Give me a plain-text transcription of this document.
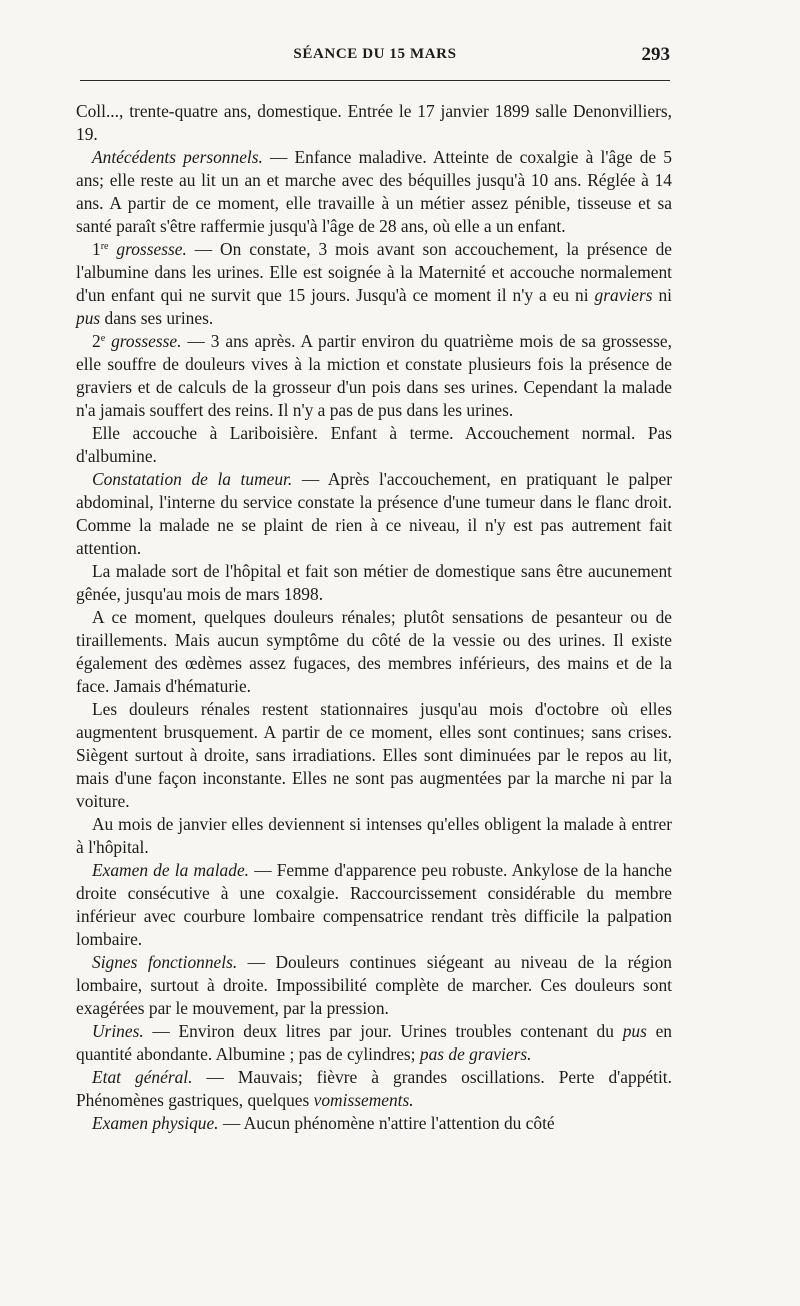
SÉANCE DU 15 MARS	293

Coll..., trente-quatre ans, domestique. Entrée le 17 janvier 1899 salle Denonvilliers, 19.

Antécédents personnels. — Enfance maladive. Atteinte de coxalgie à l'âge de 5 ans; elle reste au lit un an et marche avec des béquilles jusqu'à 10 ans. Réglée à 14 ans. A partir de ce moment, elle travaille à un métier assez pénible, tisseuse et sa santé paraît s'être raffermie jusqu'à l'âge de 28 ans, où elle a un enfant.

1re grossesse. — On constate, 3 mois avant son accouchement, la présence de l'albumine dans les urines. Elle est soignée à la Maternité et accouche normalement d'un enfant qui ne survit que 15 jours. Jusqu'à ce moment il n'y a eu ni graviers ni pus dans ses urines.

2e grossesse. — 3 ans après. A partir environ du quatrième mois de sa grossesse, elle souffre de douleurs vives à la miction et constate plusieurs fois la présence de graviers et de calculs de la grosseur d'un pois dans ses urines. Cependant la malade n'a jamais souffert des reins. Il n'y a pas de pus dans les urines.

Elle accouche à Lariboisière. Enfant à terme. Accouchement normal. Pas d'albumine.

Constatation de la tumeur. — Après l'accouchement, en pratiquant le palper abdominal, l'interne du service constate la présence d'une tumeur dans le flanc droit. Comme la malade ne se plaint de rien à ce niveau, il n'y est pas autrement fait attention.

La malade sort de l'hôpital et fait son métier de domestique sans être aucunement gênée, jusqu'au mois de mars 1898.

A ce moment, quelques douleurs rénales; plutôt sensations de pesanteur ou de tiraillements. Mais aucun symptôme du côté de la vessie ou des urines. Il existe également des œdèmes assez fugaces, des membres inférieurs, des mains et de la face. Jamais d'hématurie.

Les douleurs rénales restent stationnaires jusqu'au mois d'octobre où elles augmentent brusquement. A partir de ce moment, elles sont continues; sans crises. Siègent surtout à droite, sans irradiations. Elles sont diminuées par le repos au lit, mais d'une façon inconstante. Elles ne sont pas augmentées par la marche ni par la voiture.

Au mois de janvier elles deviennent si intenses qu'elles obligent la malade à entrer à l'hôpital.

Examen de la malade. — Femme d'apparence peu robuste. Ankylose de la hanche droite consécutive à une coxalgie. Raccourcissement considérable du membre inférieur avec courbure lombaire compensatrice rendant très difficile la palpation lombaire.

Signes fonctionnels. — Douleurs continues siégeant au niveau de la région lombaire, surtout à droite. Impossibilité complète de marcher. Ces douleurs sont exagérées par le mouvement, par la pression.

Urines. — Environ deux litres par jour. Urines troubles contenant du pus en quantité abondante. Albumine ; pas de cylindres; pas de graviers.

Etat général. — Mauvais; fièvre à grandes oscillations. Perte d'appétit. Phénomènes gastriques, quelques vomissements.

Examen physique. — Aucun phénomène n'attire l'attention du côté
